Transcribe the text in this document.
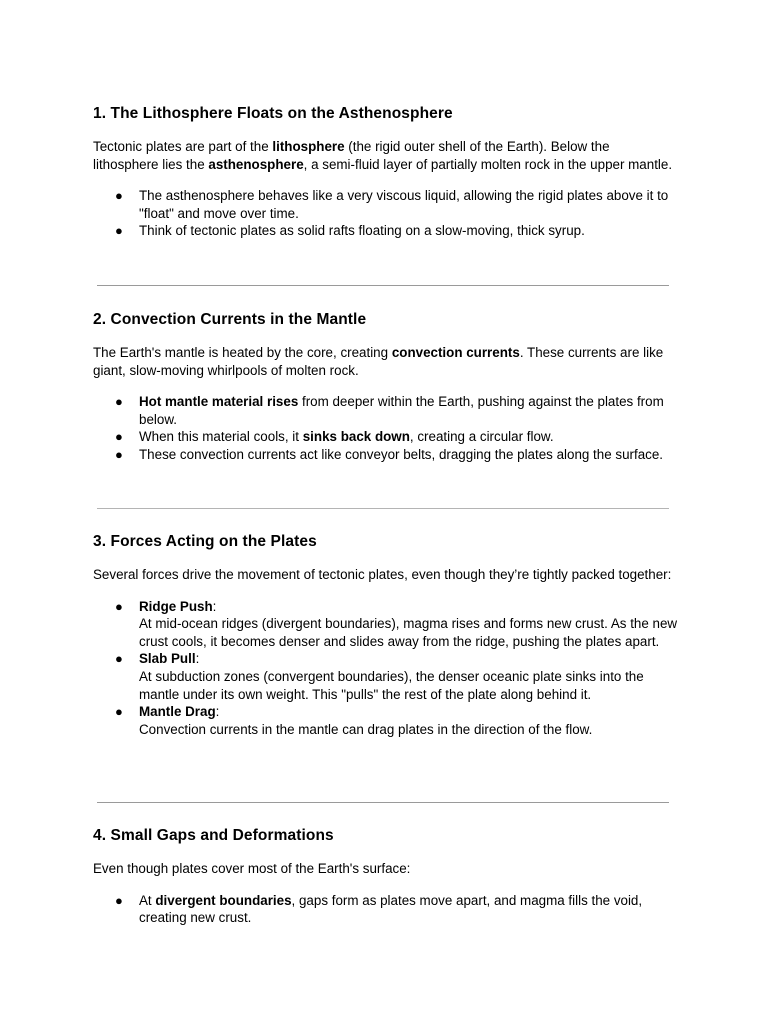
1. The Lithosphere Floats on the Asthenosphere

Tectonic plates are part of the lithosphere (the rigid outer shell of the Earth). Below the lithosphere lies the asthenosphere, a semi-fluid layer of partially molten rock in the upper mantle.

● The asthenosphere behaves like a very viscous liquid, allowing the rigid plates above it to "float" and move over time.
● Think of tectonic plates as solid rafts floating on a slow-moving, thick syrup.
2. Convection Currents in the Mantle

The Earth's mantle is heated by the core, creating convection currents. These currents are like giant, slow-moving whirlpools of molten rock.

● Hot mantle material rises from deeper within the Earth, pushing against the plates from below.
● When this material cools, it sinks back down, creating a circular flow.
● These convection currents act like conveyor belts, dragging the plates along the surface.
3. Forces Acting on the Plates

Several forces drive the movement of tectonic plates, even though they’re tightly packed together:

● Ridge Push:
At mid-ocean ridges (divergent boundaries), magma rises and forms new crust. As the new crust cools, it becomes denser and slides away from the ridge, pushing the plates apart.
● Slab Pull:
At subduction zones (convergent boundaries), the denser oceanic plate sinks into the mantle under its own weight. This "pulls" the rest of the plate along behind it.
● Mantle Drag:
Convection currents in the mantle can drag plates in the direction of the flow.
4. Small Gaps and Deformations

Even though plates cover most of the Earth's surface:

● At divergent boundaries, gaps form as plates move apart, and magma fills the void, creating new crust.
